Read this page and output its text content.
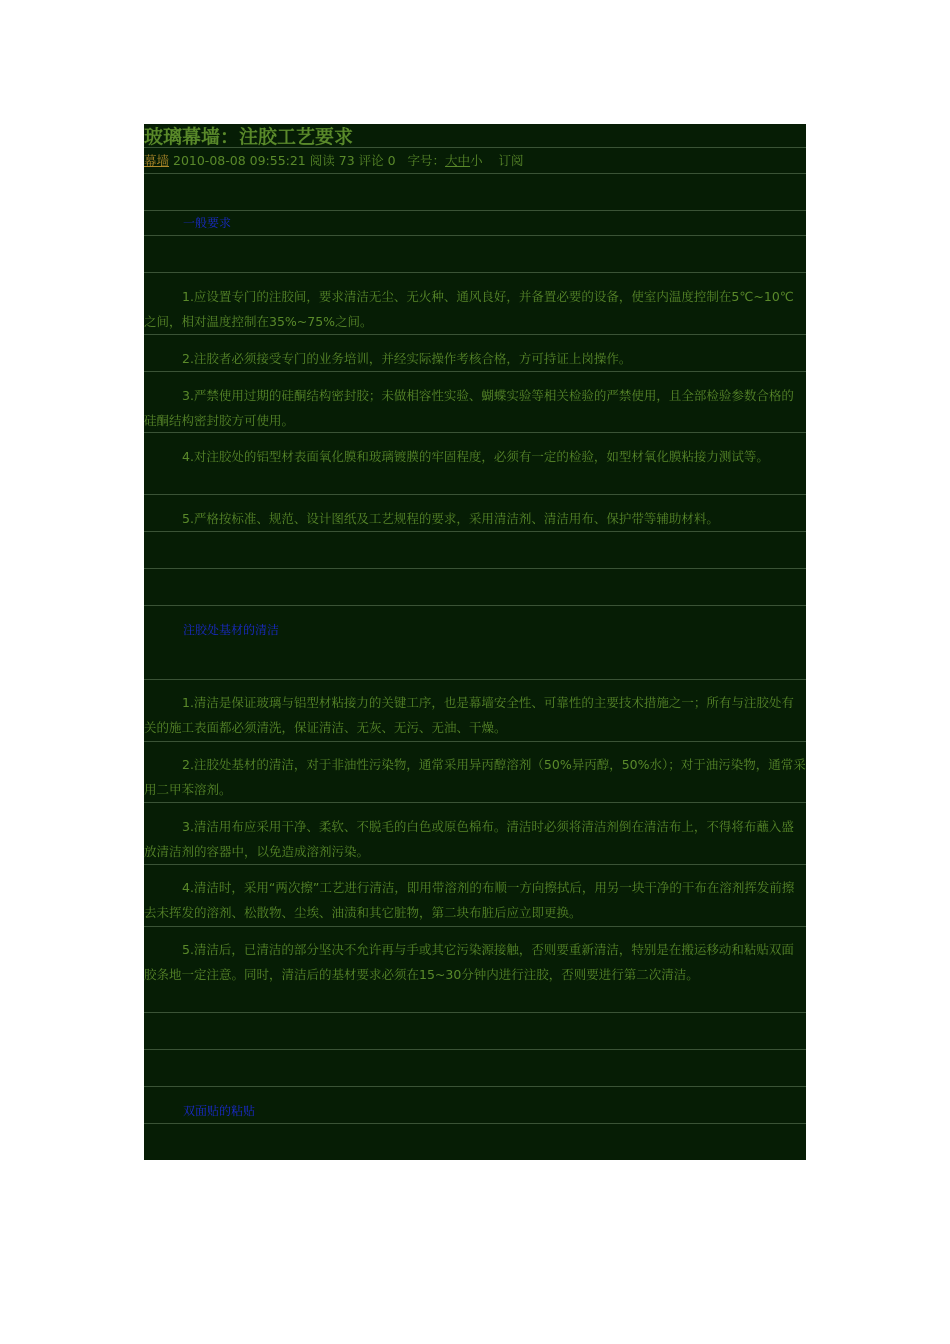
玻璃幕墙：注胶工艺要求
幕墙 2010-08-08 09:55:21 阅读 73 评论 0 字号：大中小 订阅
一般要求

1.应设置专门的注胶间，要求清洁无尘、无火种、通风良好，并备置必要的设备，使室内温度控制在5℃~10℃之间，相对温度控制在35%~75%之间。

2.注胶者必须接受专门的业务培训，并经实际操作考核合格，方可持证上岗操作。

3.严禁使用过期的硅酮结构密封胶；未做相容性实验、蝴蝶实验等相关检验的严禁使用，且全部检验参数合格的硅酮结构密封胶方可使用。

4.对注胶处的铝型材表面氧化膜和玻璃镀膜的牢固程度，必须有一定的检验，如型材氧化膜粘接力测试等。

5.严格按标准、规范、设计图纸及工艺规程的要求，采用清洁剂、清洁用布、保护带等辅助材料。

注胶处基材的清洁

1.清洁是保证玻璃与铝型材粘接力的关键工序，也是幕墙安全性、可靠性的主要技术措施之一；所有与注胶处有关的施工表面都必须清洗，保证清洁、无灰、无污、无油、干燥。

2.注胶处基材的清洁，对于非油性污染物，通常采用异丙醇溶剂（50%异丙醇，50%水）；对于油污染物，通常采用二甲苯溶剂。

3.清洁用布应采用干净、柔软、不脱毛的白色或原色棉布。清洁时必须将清洁剂倒在清洁布上，不得将布蘸入盛放清洁剂的容器中，以免造成溶剂污染。

4.清洁时，采用“两次擦”工艺进行清洁，即用带溶剂的布顺一方向擦拭后，用另一块干净的干布在溶剂挥发前擦去未挥发的溶剂、松散物、尘埃、油渍和其它脏物，第二块布脏后应立即更换。

5.清洁后，已清洁的部分坚决不允许再与手或其它污染源接触，否则要重新清洁，特别是在搬运移动和粘贴双面胶条地一定注意。同时，清洁后的基材要求必须在15~30分钟内进行注胶，否则要进行第二次清洁。

双面贴的粘贴
